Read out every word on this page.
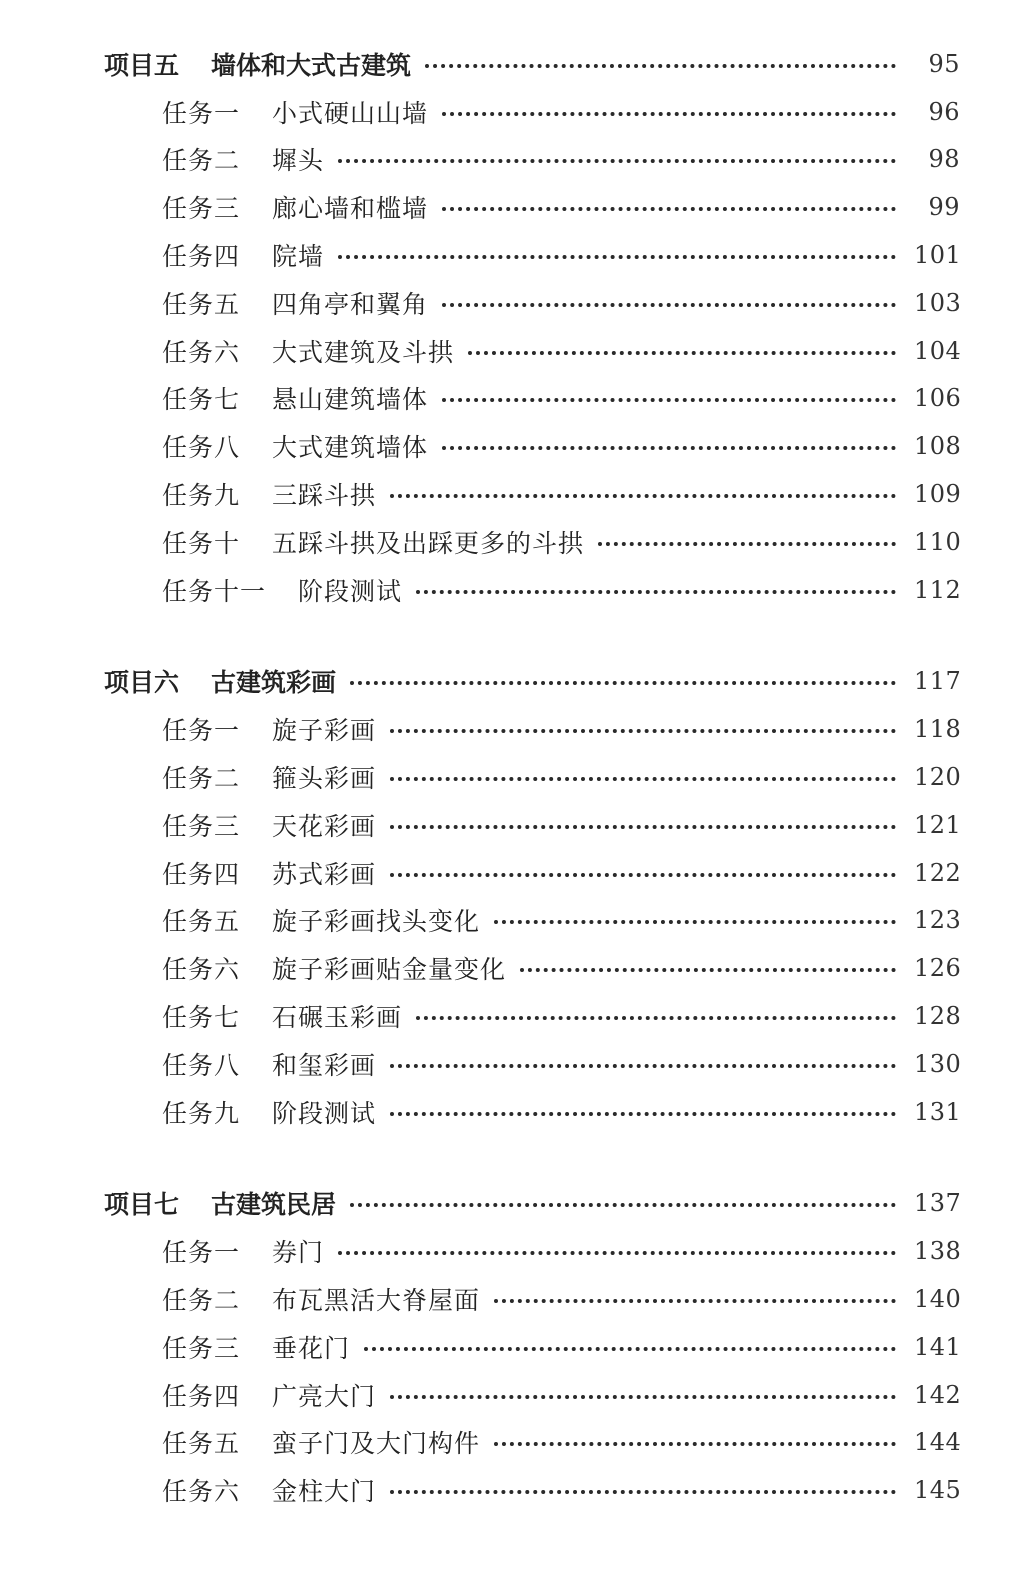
项目五 墙体和大式古建筑	95
任务一 小式硬山山墙	96
任务二 墀头	98
任务三 廊心墙和槛墙	99
任务四 院墙	101
任务五 四角亭和翼角	103
任务六 大式建筑及斗拱	104
任务七 悬山建筑墙体	106
任务八 大式建筑墙体	108
任务九 三踩斗拱	109
任务十 五踩斗拱及出踩更多的斗拱	110
任务十一 阶段测试	112
项目六 古建筑彩画	117
任务一 旋子彩画	118
任务二 箍头彩画	120
任务三 天花彩画	121
任务四 苏式彩画	122
任务五 旋子彩画找头变化	123
任务六 旋子彩画贴金量变化	126
任务七 石碾玉彩画	128
任务八 和玺彩画	130
任务九 阶段测试	131
项目七 古建筑民居	137
任务一 券门	138
任务二 布瓦黑活大脊屋面	140
任务三 垂花门	141
任务四 广亮大门	142
任务五 蛮子门及大门构件	144
任务六 金柱大门	145
